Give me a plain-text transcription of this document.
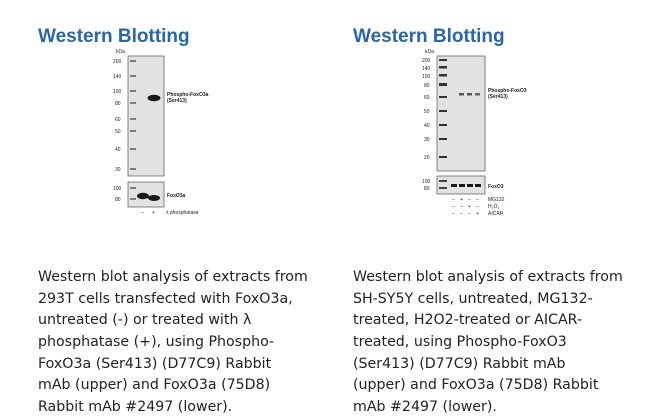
Western Blotting
kDa
200
140
100
80
60
50
40
30
Phospho-FoxO3a
(Ser413)
100
80
FoxO3a
– + λ phosphatase

Western blot analysis of extracts from
293T cells transfected with FoxO3a,
untreated (-) or treated with λ
phosphatase (+), using Phospho-
FoxO3a (Ser413) (D77C9) Rabbit
mAb (upper) and FoxO3a (75D8)
Rabbit mAb #2497 (lower).

Western Blotting
kDa
200
140
100
80
60
50
40
30
20
Phospho-FoxO3
(Ser413)
100
80	FoxO3
– + – – MG132
– – + – H₂O₂
– – – + AICAR

Western blot analysis of extracts from
SH-SY5Y cells, untreated, MG132-
treated, H2O2-treated or AICAR-
treated, using Phospho-FoxO3
(Ser413) (D77C9) Rabbit mAb
(upper) and FoxO3a (75D8) Rabbit
mAb #2497 (lower).
